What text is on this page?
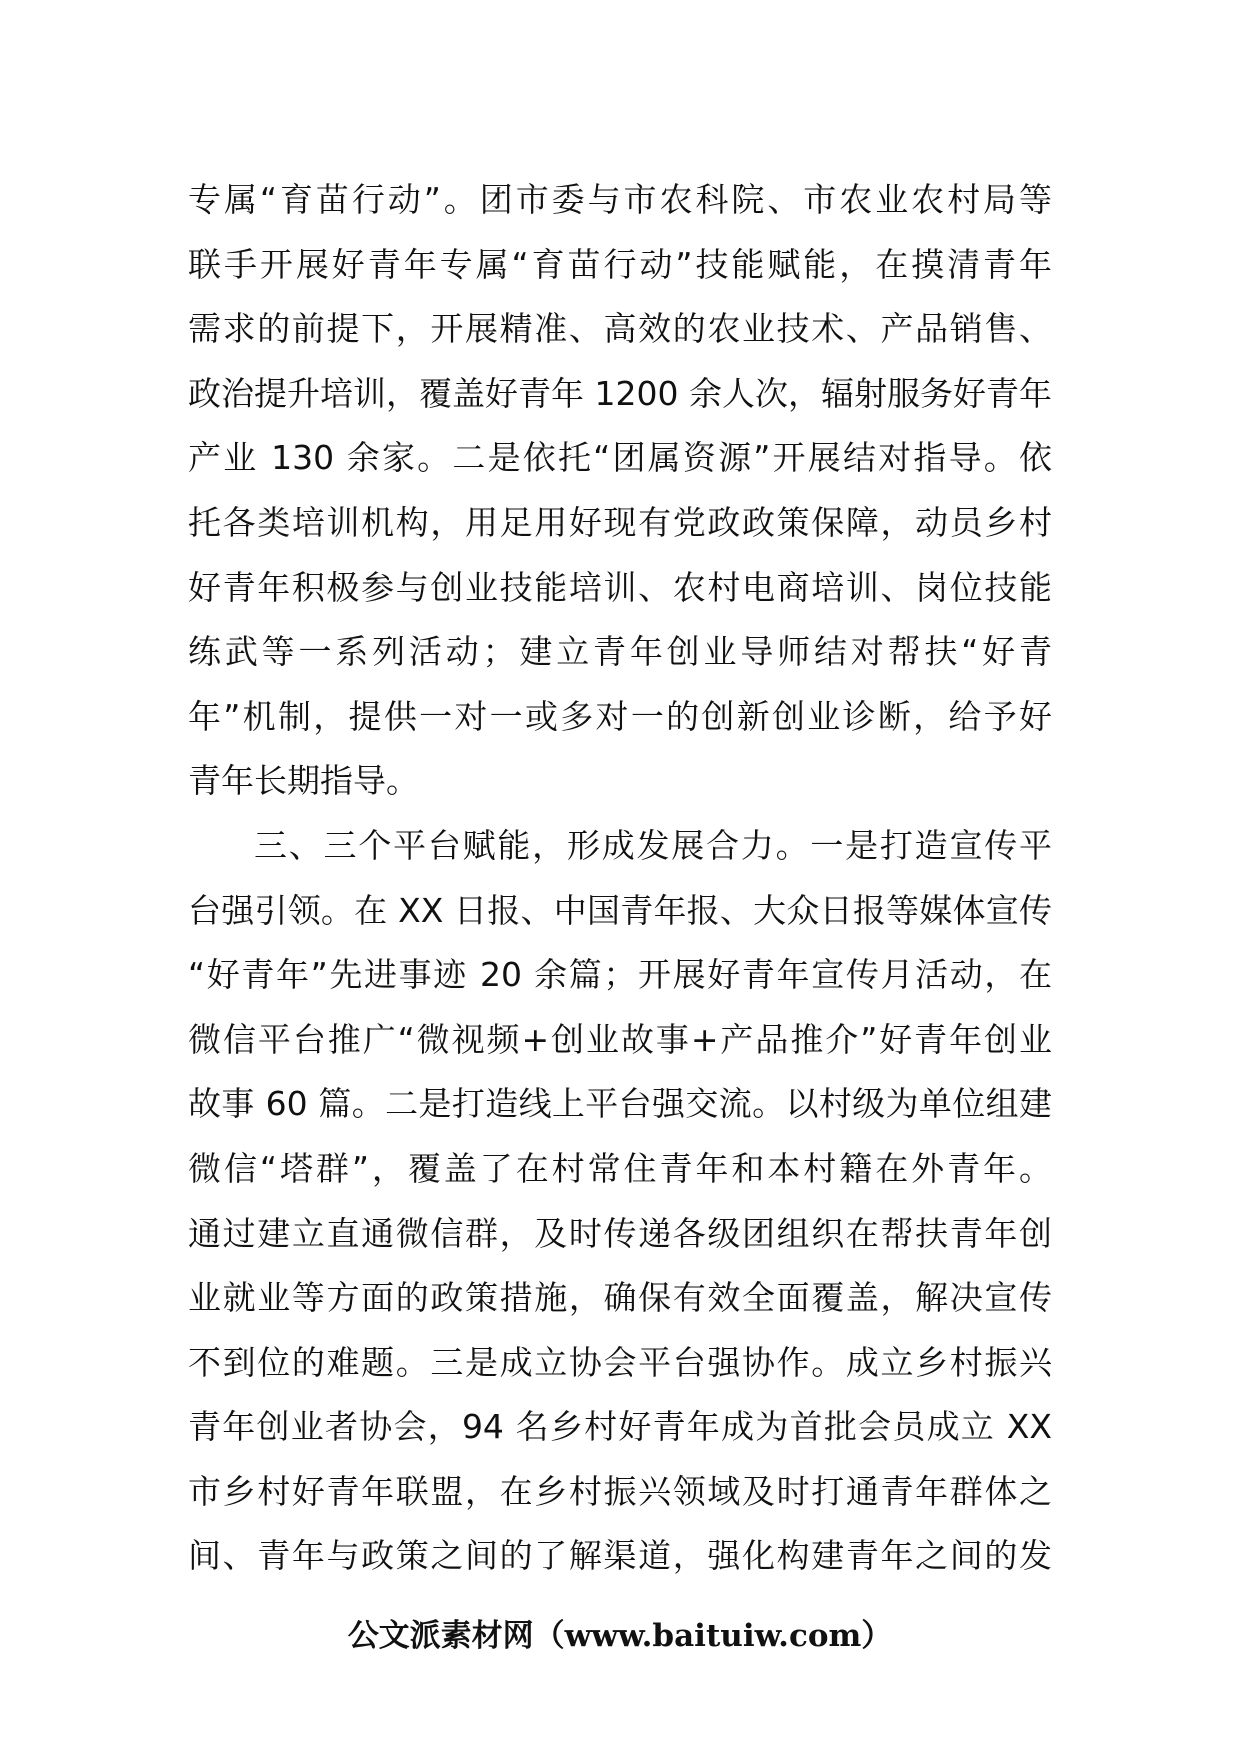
专属“育苗行动”。团市委与市农科院、市农业农村局等
联手开展好青年专属“育苗行动”技能赋能，在摸清青年
需求的前提下，开展精准、高效的农业技术、产品销售、
政治提升培训，覆盖好青年 1200 余人次，辐射服务好青年
产业 130 余家。二是依托“团属资源”开展结对指导。依
托各类培训机构，用足用好现有党政政策保障，动员乡村
好青年积极参与创业技能培训、农村电商培训、岗位技能
练武等一系列活动；建立青年创业导师结对帮扶“好青
年”机制，提供一对一或多对一的创新创业诊断，给予好
青年长期指导。
三、三个平台赋能，形成发展合力。一是打造宣传平
台强引领。在 XX 日报、中国青年报、大众日报等媒体宣传
“好青年”先进事迹 20 余篇；开展好青年宣传月活动，在
微信平台推广“微视频+创业故事+产品推介”好青年创业
故事 60 篇。二是打造线上平台强交流。以村级为单位组建
微信“塔群”，覆盖了在村常住青年和本村籍在外青年。
通过建立直通微信群，及时传递各级团组织在帮扶青年创
业就业等方面的政策措施，确保有效全面覆盖，解决宣传
不到位的难题。三是成立协会平台强协作。成立乡村振兴
青年创业者协会，94 名乡村好青年成为首批会员成立 XX
市乡村好青年联盟，在乡村振兴领域及时打通青年群体之
间、青年与政策之间的了解渠道，强化构建青年之间的发
公文派素材网（www.baituiw.com）
